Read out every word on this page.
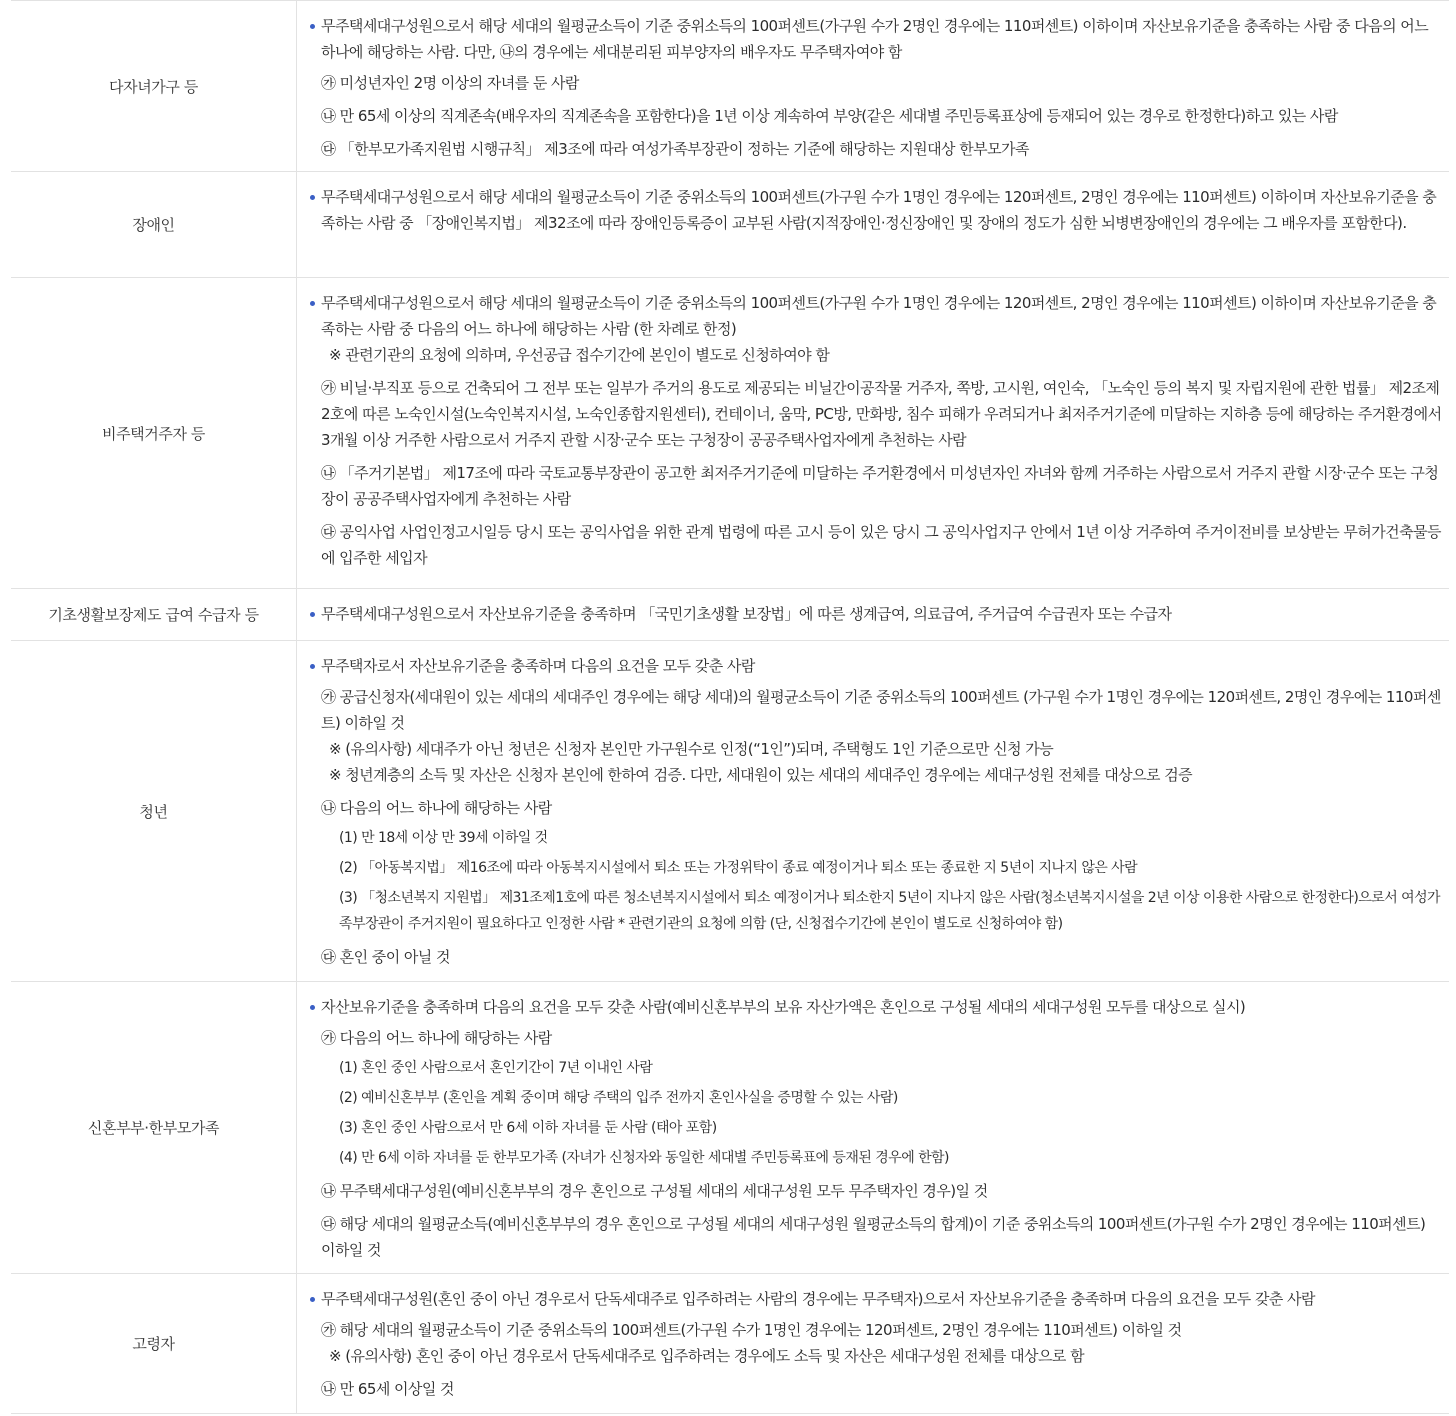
다자녀가구 등
무주택세대구성원으로서 해당 세대의 월평균소득이 기준 중위소득의 100퍼센트(가구원 수가 2명인 경우에는 110퍼센트) 이하이며 자산보유기준을 충족하는 사람 중 다음의 어느 하나에 해당하는 사람. 다만, ㉯의 경우에는 세대분리된 피부양자의 배우자도 무주택자여야 함
㉮ 미성년자인 2명 이상의 자녀를 둔 사람
㉯ 만 65세 이상의 직계존속(배우자의 직계존속을 포함한다)을 1년 이상 계속하여 부양(같은 세대별 주민등록표상에 등재되어 있는 경우로 한정한다)하고 있는 사람
㉰ 「한부모가족지원법 시행규칙」 제3조에 따라 여성가족부장관이 정하는 기준에 해당하는 지원대상 한부모가족
장애인
무주택세대구성원으로서 해당 세대의 월평균소득이 기준 중위소득의 100퍼센트(가구원 수가 1명인 경우에는 120퍼센트, 2명인 경우에는 110퍼센트) 이하이며 자산보유기준을 충족하는 사람 중 「장애인복지법」 제32조에 따라 장애인등록증이 교부된 사람(지적장애인·정신장애인 및 장애의 정도가 심한 뇌병변장애인의 경우에는 그 배우자를 포함한다).
비주택거주자 등
무주택세대구성원으로서 해당 세대의 월평균소득이 기준 중위소득의 100퍼센트(가구원 수가 1명인 경우에는 120퍼센트, 2명인 경우에는 110퍼센트) 이하이며 자산보유기준을 충족하는 사람 중 다음의 어느 하나에 해당하는 사람 (한 차례로 한정)
※ 관련기관의 요청에 의하며, 우선공급 접수기간에 본인이 별도로 신청하여야 함
㉮ 비닐·부직포 등으로 건축되어 그 전부 또는 일부가 주거의 용도로 제공되는 비닐간이공작물 거주자, 쪽방, 고시원, 여인숙, 「노숙인 등의 복지 및 자립지원에 관한 법률」 제2조제2호에 따른 노숙인시설(노숙인복지시설, 노숙인종합지원센터), 컨테이너, 움막, PC방, 만화방, 침수 피해가 우려되거나 최저주거기준에 미달하는 지하층 등에 해당하는 주거환경에서 3개월 이상 거주한 사람으로서 거주지 관할 시장·군수 또는 구청장이 공공주택사업자에게 추천하는 사람
㉯ 「주거기본법」 제17조에 따라 국토교통부장관이 공고한 최저주거기준에 미달하는 주거환경에서 미성년자인 자녀와 함께 거주하는 사람으로서 거주지 관할 시장·군수 또는 구청장이 공공주택사업자에게 추천하는 사람
㉰ 공익사업 사업인정고시일등 당시 또는 공익사업을 위한 관계 법령에 따른 고시 등이 있은 당시 그 공익사업지구 안에서 1년 이상 거주하여 주거이전비를 보상받는 무허가건축물등에 입주한 세입자
기초생활보장제도 급여 수급자 등	무주택세대구성원으로서 자산보유기준을 충족하며 「국민기초생활 보장법」에 따른 생계급여, 의료급여, 주거급여 수급권자 또는 수급자
청년
무주택자로서 자산보유기준을 충족하며 다음의 요건을 모두 갖춘 사람
㉮ 공급신청자(세대원이 있는 세대의 세대주인 경우에는 해당 세대)의 월평균소득이 기준 중위소득의 100퍼센트 (가구원 수가 1명인 경우에는 120퍼센트, 2명인 경우에는 110퍼센트) 이하일 것
※ (유의사항) 세대주가 아닌 청년은 신청자 본인만 가구원수로 인정(“1인”)되며, 주택형도 1인 기준으로만 신청 가능
※ 청년계층의 소득 및 자산은 신청자 본인에 한하여 검증. 다만, 세대원이 있는 세대의 세대주인 경우에는 세대구성원 전체를 대상으로 검증
㉯ 다음의 어느 하나에 해당하는 사람
(1) 만 18세 이상 만 39세 이하일 것
(2) 「아동복지법」 제16조에 따라 아동복지시설에서 퇴소 또는 가정위탁이 종료 예정이거나 퇴소 또는 종료한 지 5년이 지나지 않은 사람
(3) 「청소년복지 지원법」 제31조제1호에 따른 청소년복지시설에서 퇴소 예정이거나 퇴소한지 5년이 지나지 않은 사람(청소년복지시설을 2년 이상 이용한 사람으로 한정한다)으로서 여성가족부장관이 주거지원이 필요하다고 인정한 사람 * 관련기관의 요청에 의함 (단, 신청접수기간에 본인이 별도로 신청하여야 함)
㉰ 혼인 중이 아닐 것
신혼부부·한부모가족
자산보유기준을 충족하며 다음의 요건을 모두 갖춘 사람(예비신혼부부의 보유 자산가액은 혼인으로 구성될 세대의 세대구성원 모두를 대상으로 실시)
㉮ 다음의 어느 하나에 해당하는 사람
(1) 혼인 중인 사람으로서 혼인기간이 7년 이내인 사람
(2) 예비신혼부부 (혼인을 계획 중이며 해당 주택의 입주 전까지 혼인사실을 증명할 수 있는 사람)
(3) 혼인 중인 사람으로서 만 6세 이하 자녀를 둔 사람 (태아 포함)
(4) 만 6세 이하 자녀를 둔 한부모가족 (자녀가 신청자와 동일한 세대별 주민등록표에 등재된 경우에 한함)
㉯ 무주택세대구성원(예비신혼부부의 경우 혼인으로 구성될 세대의 세대구성원 모두 무주택자인 경우)일 것
㉰ 해당 세대의 월평균소득(예비신혼부부의 경우 혼인으로 구성될 세대의 세대구성원 월평균소득의 합계)이 기준 중위소득의 100퍼센트(가구원 수가 2명인 경우에는 110퍼센트) 이하일 것
고령자
무주택세대구성원(혼인 중이 아닌 경우로서 단독세대주로 입주하려는 사람의 경우에는 무주택자)으로서 자산보유기준을 충족하며 다음의 요건을 모두 갖춘 사람
㉮ 해당 세대의 월평균소득이 기준 중위소득의 100퍼센트(가구원 수가 1명인 경우에는 120퍼센트, 2명인 경우에는 110퍼센트) 이하일 것
※ (유의사항) 혼인 중이 아닌 경우로서 단독세대주로 입주하려는 경우에도 소득 및 자산은 세대구성원 전체를 대상으로 함
㉯ 만 65세 이상일 것
